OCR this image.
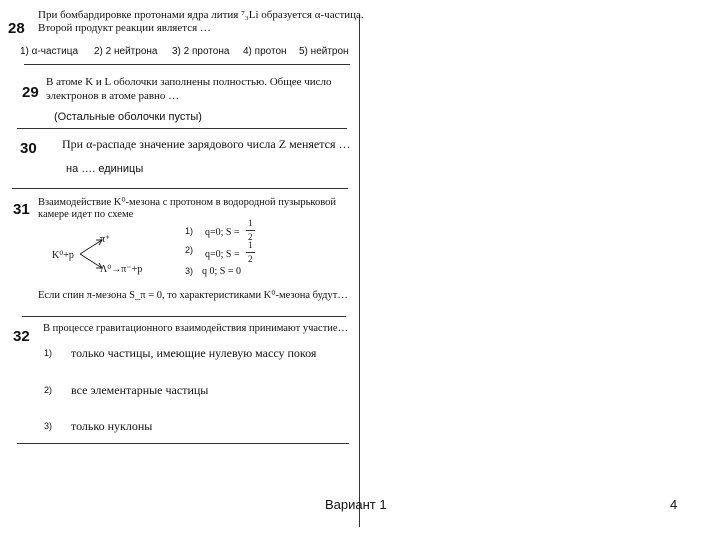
28
При бомбардировке протонами ядра лития ⁷₃Li образуется α-частица.
Второй продукт реакции является …
1) α-частица 2) 2 нейтрона 3) 2 протона 4) протон 5) нейтрон
29
В атоме K и L оболочки заполнены полностью. Общее число
электронов в атоме равно …
(Остальные оболочки пусты)
30 При α-распаде значение зарядового числа Z меняется …
на …. единицы
31 Взаимодействие K⁰-мезона с протоном в водородной пузырьковой
камере идет по схеме
K⁰+p
π⁺
Λ⁰→π⁻+p
1) q=0; S =
1
2
2) q=0; S =
1
2
3) q 0; S = 0
Если спин π-мезона S_π = 0, то характеристиками K⁰-мезона будут…
32 В процессе гравитационного взаимодействия принимают участие…
1) только частицы, имеющие нулевую массу покоя
2) все элементарные частицы
3) только нуклоны
Вариант 1	4
